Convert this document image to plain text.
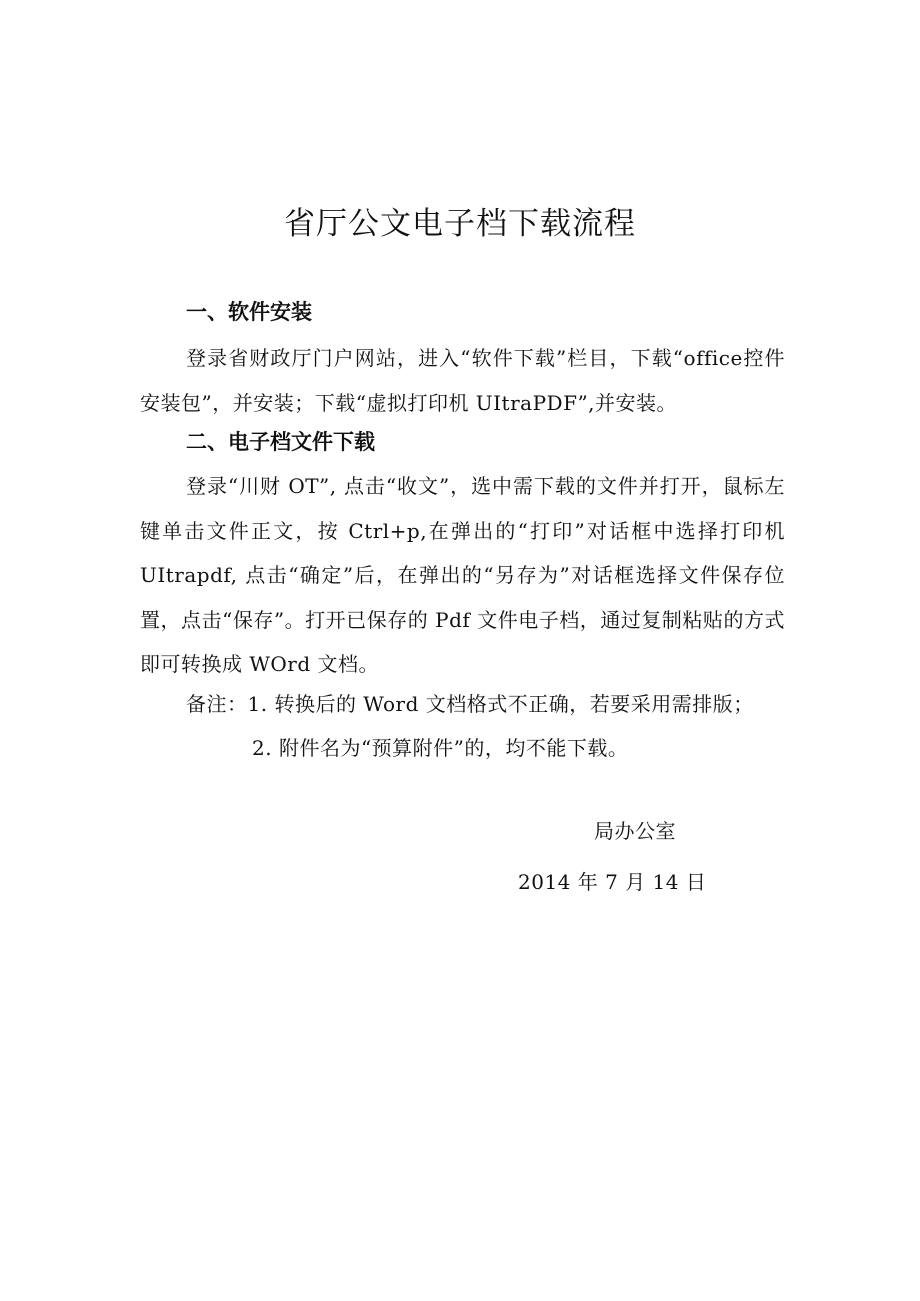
省厅公文电子档下载流程
一、软件安装

登录省财政厅门户网站，进入“软件下载”栏目，下载“office控件安装包”，并安装；下载“虚拟打印机 UItraPDF”,并安装。

二、电子档文件下载

登录“川财 OT”, 点击“收文”，选中需下载的文件并打开，鼠标左键单击文件正文，按 Ctrl+p,在弹出的“打印”对话框中选择打印机 UItrapdf, 点击“确定”后，在弹出的“另存为”对话框选择文件保存位置，点击“保存”。打开已保存的 Pdf 文件电子档，通过复制粘贴的方式即可转换成 WOrd 文档。

备注：1. 转换后的 Word 文档格式不正确，若要采用需排版；

2. 附件名为“预算附件”的，均不能下载。

局办公室

2014 年 7 月 14 日
